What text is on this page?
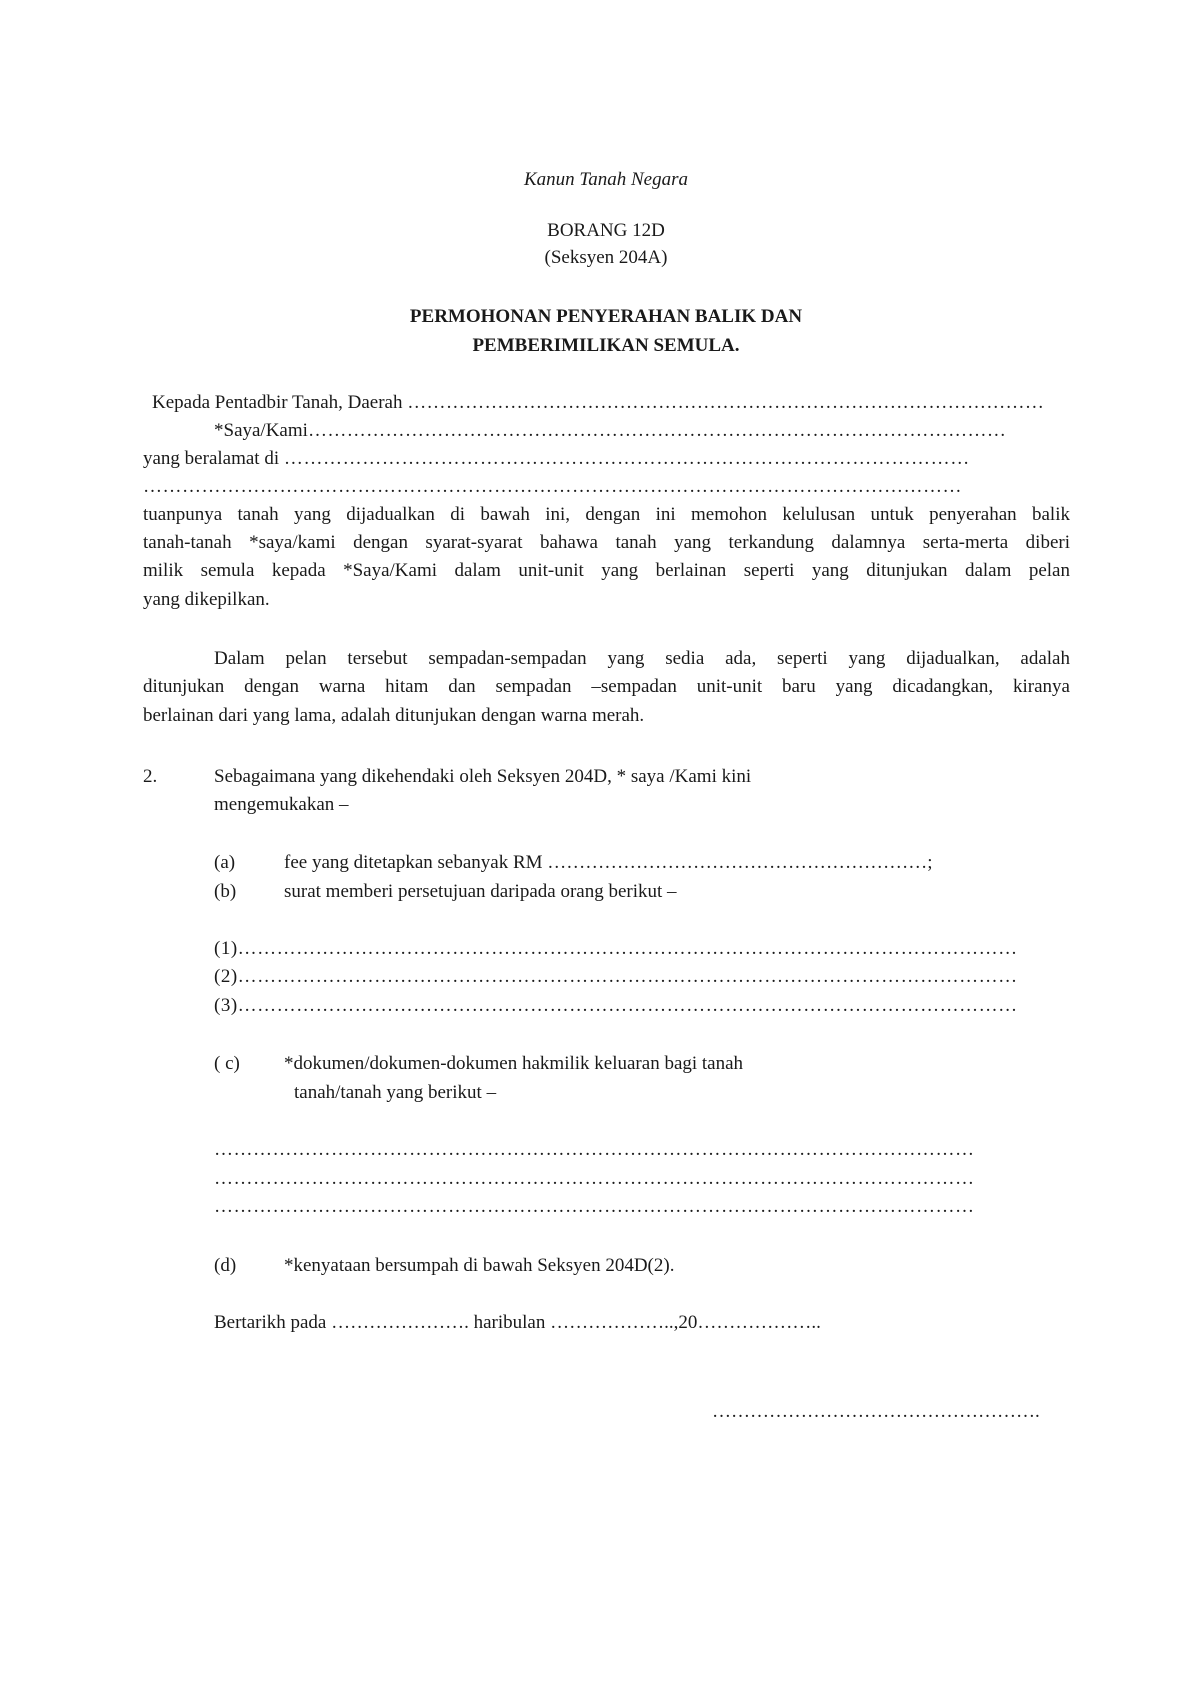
Kanun Tanah Negara
BORANG 12D
(Seksyen 204A)
PERMOHONAN PENYERAHAN BALIK DAN
PEMBERIMILIKAN SEMULA.
Kepada Pentadbir Tanah, Daerah ………………………………………………………………………………………
*Saya/Kami………………………………………………………………………………………………
yang beralamat di ……………………………………………………………………………………………
………………………………………………………………………………………………………………
tuanpunya tanah yang dijadualkan di bawah ini, dengan ini memohon kelulusan untuk penyerahan balik
tanah-tanah *saya/kami dengan syarat-syarat bahawa tanah yang terkandung dalamnya serta-merta diberi
milik semula kepada *Saya/Kami dalam unit-unit yang berlainan seperti yang ditunjukan dalam pelan
yang dikepilkan.
Dalam pelan tersebut sempadan-sempadan yang sedia ada, seperti yang dijadualkan, adalah
ditunjukan dengan warna hitam dan sempadan –sempadan unit-unit baru yang dicadangkan, kiranya
berlainan dari yang lama, adalah ditunjukan dengan warna merah.
2.	Sebagaimana yang dikehendaki oleh Seksyen 204D, * saya /Kami kini
mengemukakan –
(a)	fee yang ditetapkan sebanyak RM ……………………………………………………;
(b)	surat memberi persetujuan daripada orang berikut –
(1)…………………………………………………………………………………………………………
(2)…………………………………………………………………………………………………………
(3)…………………………………………………………………………………………………………
( c) *dokumen/dokumen-dokumen hakmilik keluaran bagi tanah
tanah/tanah yang berikut –
………………………………………………………………………………………………………
………………………………………………………………………………………………………
………………………………………………………………………………………………………
(d)	*kenyataan bersumpah di bawah Seksyen 204D(2).
Bertarikh pada …………………. haribulan ………………..,20………………..
…………………………………………….
